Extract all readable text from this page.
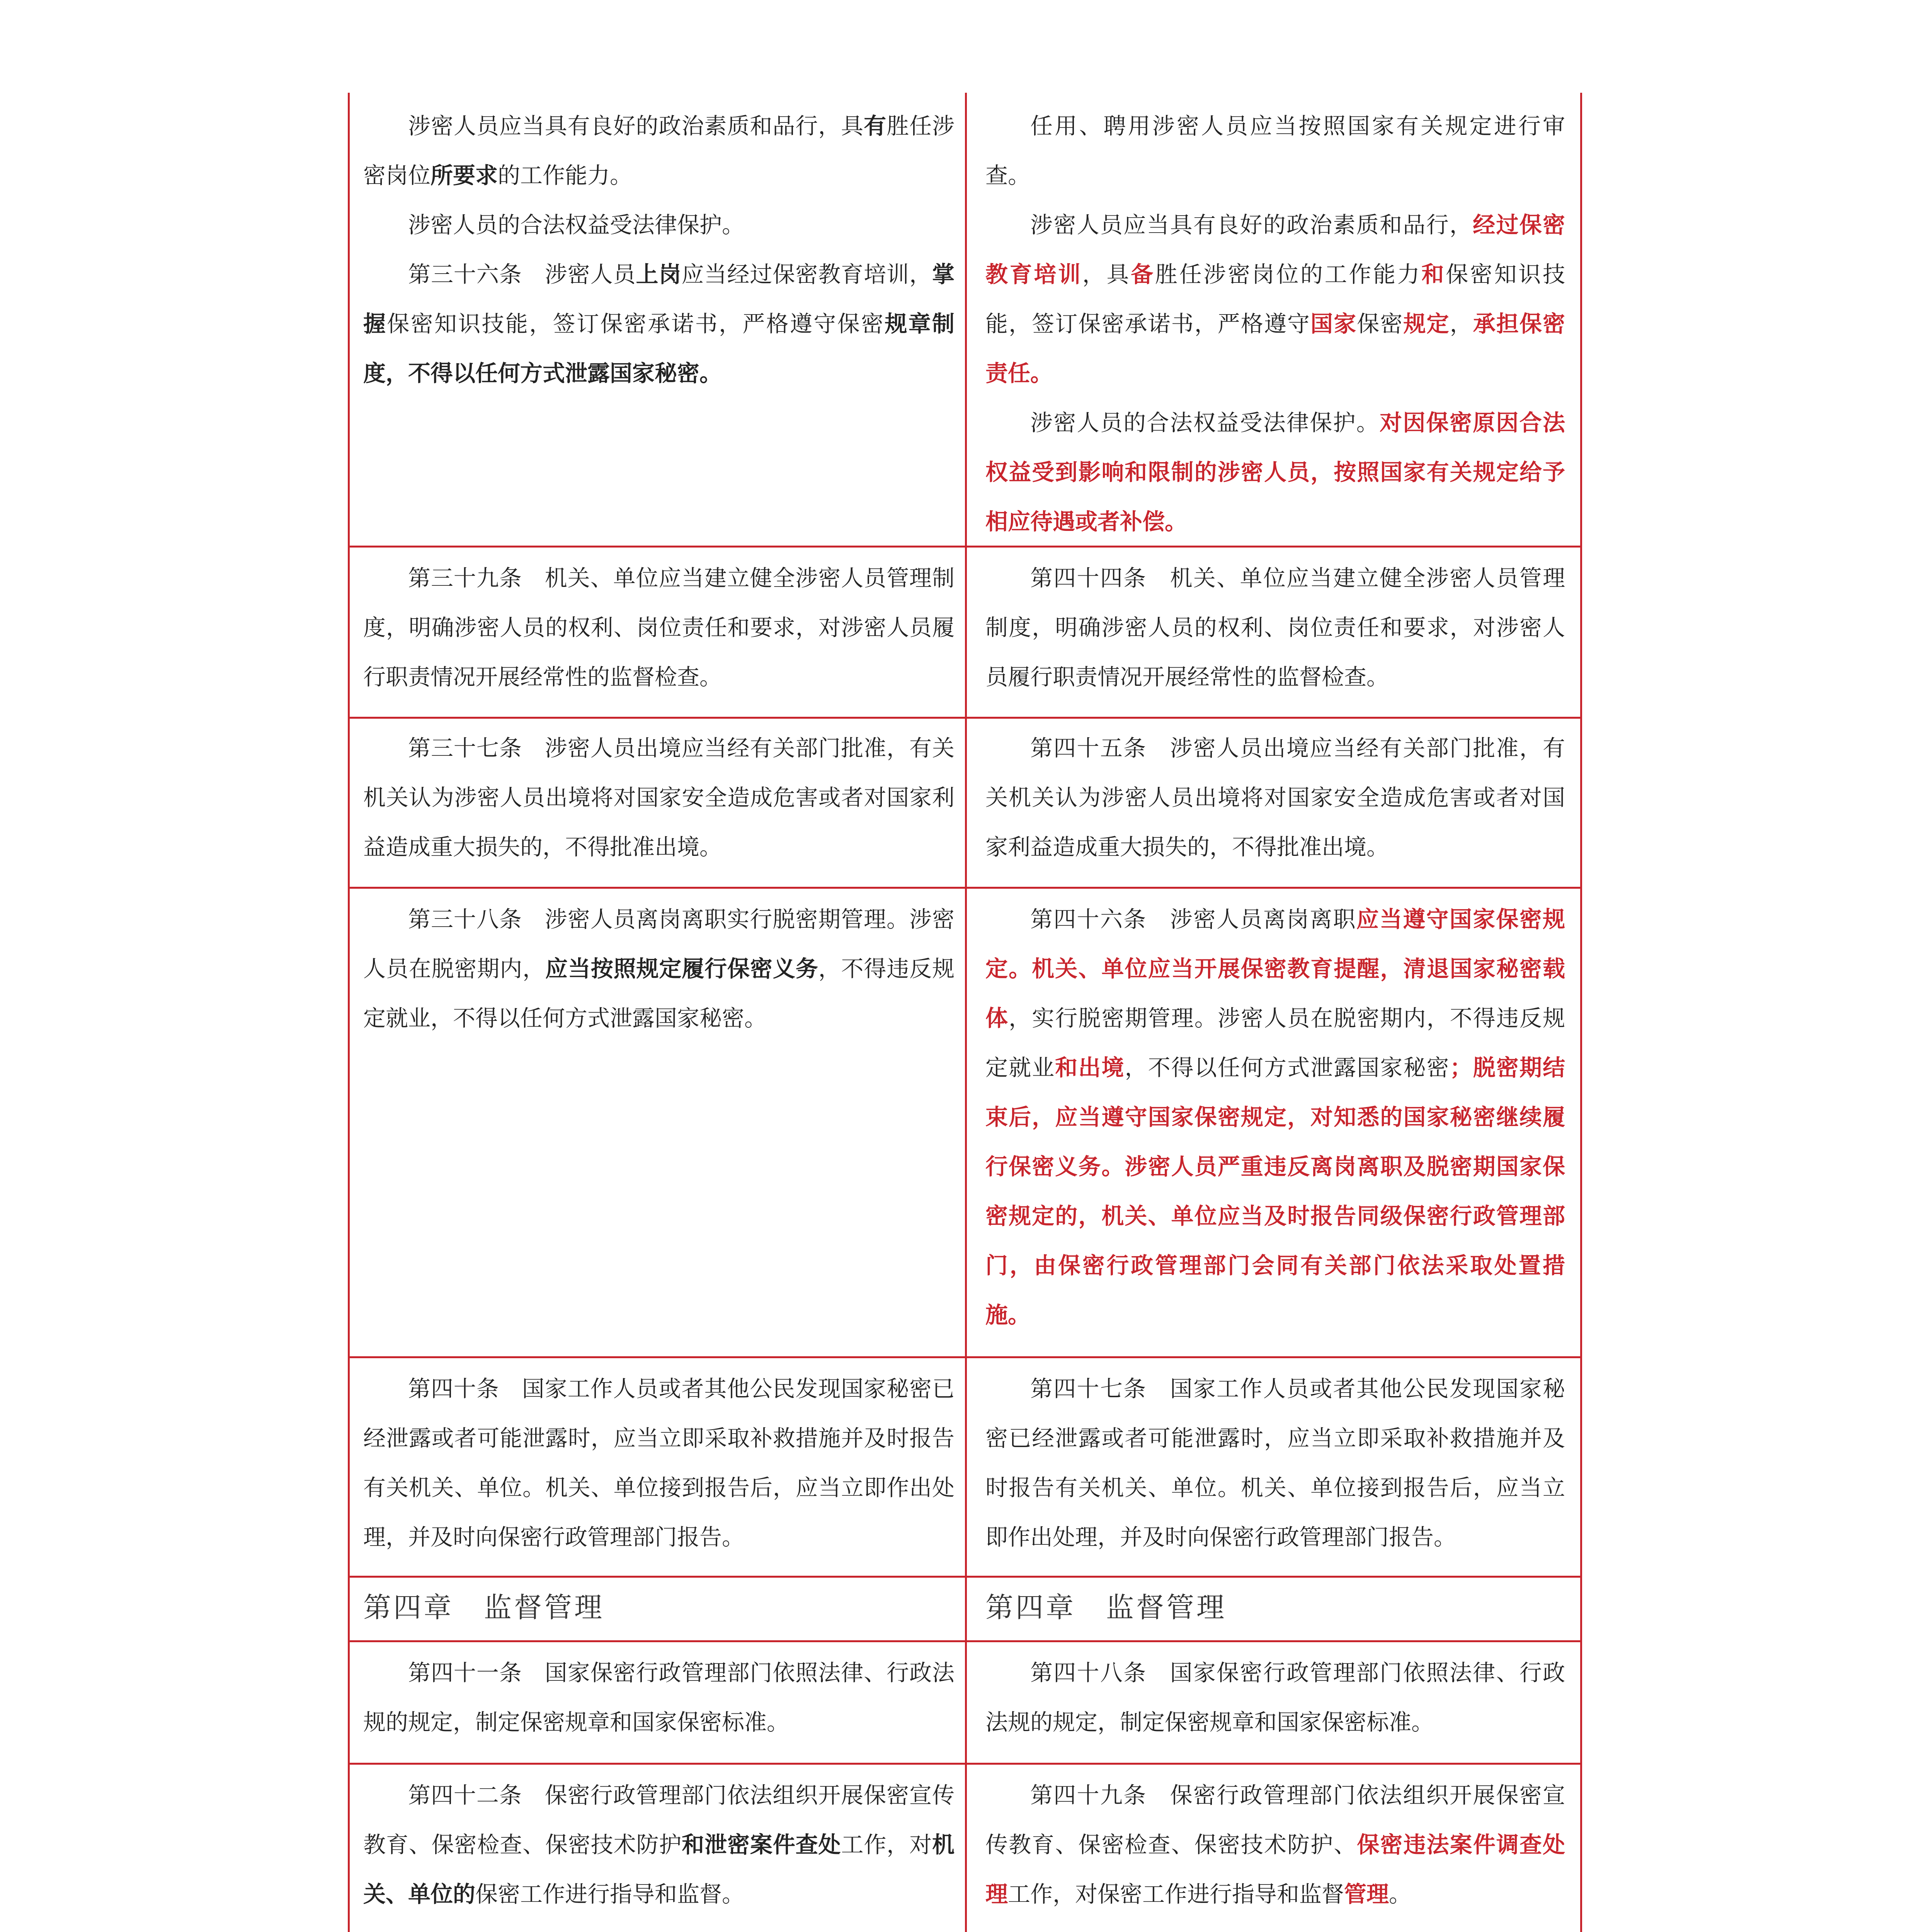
涉密人员应当具有良好的政治素质和品行，具有胜任涉密岗位所要求的工作能力。

涉密人员的合法权益受法律保护。

第三十六条　涉密人员上岗应当经过保密教育培训，掌握保密知识技能，签订保密承诺书，严格遵守保密规章制度，不得以任何方式泄露国家秘密。

任用、聘用涉密人员应当按照国家有关规定进行审查。

涉密人员应当具有良好的政治素质和品行，经过保密教育培训，具备胜任涉密岗位的工作能力和保密知识技能，签订保密承诺书，严格遵守国家保密规定，承担保密责任。

涉密人员的合法权益受法律保护。对因保密原因合法权益受到影响和限制的涉密人员，按照国家有关规定给予相应待遇或者补偿。

第三十九条　机关、单位应当建立健全涉密人员管理制度，明确涉密人员的权利、岗位责任和要求，对涉密人员履行职责情况开展经常性的监督检查。

第四十四条　机关、单位应当建立健全涉密人员管理制度，明确涉密人员的权利、岗位责任和要求，对涉密人员履行职责情况开展经常性的监督检查。

第三十七条　涉密人员出境应当经有关部门批准，有关机关认为涉密人员出境将对国家安全造成危害或者对国家利益造成重大损失的，不得批准出境。

第四十五条　涉密人员出境应当经有关部门批准，有关机关认为涉密人员出境将对国家安全造成危害或者对国家利益造成重大损失的，不得批准出境。

第三十八条　涉密人员离岗离职实行脱密期管理。涉密人员在脱密期内，应当按照规定履行保密义务，不得违反规定就业，不得以任何方式泄露国家秘密。

第四十六条　涉密人员离岗离职应当遵守国家保密规定。机关、单位应当开展保密教育提醒，清退国家秘密载体，实行脱密期管理。涉密人员在脱密期内，不得违反规定就业和出境，不得以任何方式泄露国家秘密；脱密期结束后，应当遵守国家保密规定，对知悉的国家秘密继续履行保密义务。涉密人员严重违反离岗离职及脱密期国家保密规定的，机关、单位应当及时报告同级保密行政管理部门，由保密行政管理部门会同有关部门依法采取处置措施。

第四十条　国家工作人员或者其他公民发现国家秘密已经泄露或者可能泄露时，应当立即采取补救措施并及时报告有关机关、单位。机关、单位接到报告后，应当立即作出处理，并及时向保密行政管理部门报告。

第四十七条　国家工作人员或者其他公民发现国家秘密已经泄露或者可能泄露时，应当立即采取补救措施并及时报告有关机关、单位。机关、单位接到报告后，应当立即作出处理，并及时向保密行政管理部门报告。

第四章　监督管理	第四章　监督管理

第四十一条　国家保密行政管理部门依照法律、行政法规的规定，制定保密规章和国家保密标准。

第四十八条　国家保密行政管理部门依照法律、行政法规的规定，制定保密规章和国家保密标准。

第四十二条　保密行政管理部门依法组织开展保密宣传教育、保密检查、保密技术防护和泄密案件查处工作，对机关、单位的保密工作进行指导和监督。

第四十九条　保密行政管理部门依法组织开展保密宣传教育、保密检查、保密技术防护、保密违法案件调查处理工作，对保密工作进行指导和监督管理。
